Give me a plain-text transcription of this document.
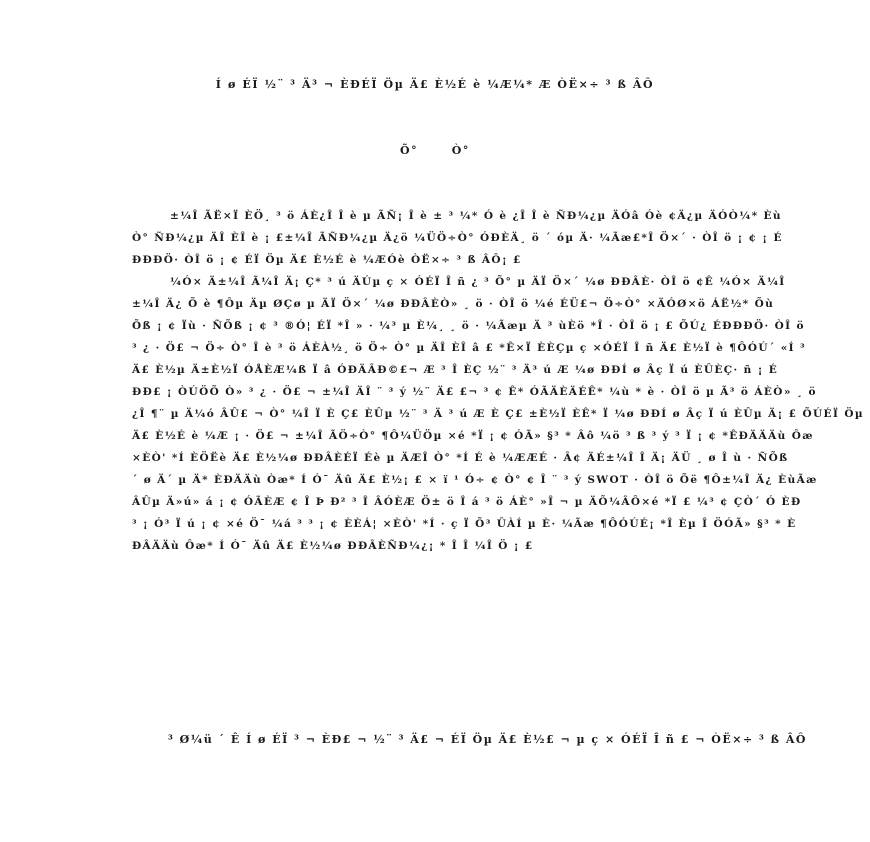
Í ø ÉÏ ½¨ ³ Ä³ ¬ ÈÐÉÏ Öµ Ä£ È½É è ¼Æ¼* Æ ÒË×÷ ³ ß ÂÔ
Õ°	Ò°
±¼Î ÃË×Ï ÈÖ¸ ³ ö ÁÈ¿Î Î è µ ÃÑ¡ Î è ± ³ ¼* Ó è ¿Î Î è ÑÐ¼¿µ ÄÓâ Óè ¢Ä¿µ ÄÓÒ¼* Èù
Ò° ÑÐ¼¿µ ÄÎ ÈÎ è ¡ £±¼Î ÃÑÐ¼¿µ Ä¿ö ¼ÜÖ÷Ò° ÓÐÈÄ¸ ö ´ óµ Ä· ¼Ãæ£*Î Ö×´ · ÒÎ ö ¡ ¢ ¡ É
ÐÐÐÖ· ÒÎ ö ¡ ¢ ÉÏ Öµ Ä£ È½É è ¼ÆÓè ÒË×÷ ³ ß ÂÔ¡ £
¼Ó× Ä±¼Î Ã¼Î Ä¡ Ç* ³ ú ÄÚµ ç × ÓÉÏ Î ñ ¿ ³ Õ° µ ÄÏ Ö×´ ¼ø ÐÐÂÈ· ÒÎ ö ¢Ê ¼Ó× Ä¼Î
±¼Î Ä¿ Õ è ¶Ôµ Äµ ØÇø µ ÄÏ Ö×´ ¼ø ÐÐÂÈÒ» ¸ ö · ÒÎ ö ¼é ÉÜ£¬ Ö÷Ò° ×ÄÓØ×ö ÁË½* Õù
Õß ¡ ¢ Ïù · ÑÕß ¡ ¢ ³ ®Ó¦ ÉÏ *Î » · ¼³ µ È¼¸ ¸ ö · ¼Ãæµ Ä ³ ùÈö *Î · ÒÎ ö ¡ £ ÕÚ¿ ÉÐÐÐÖ· ÒÎ ö
³ ¿ · Ö£ ¬ Ö÷ Ò° Î è ³ ö ÁÈÀ½¸ ö Ö÷ Ò° µ ÄÎ ÈÎ â £ *Ê×Ï ÈÈÇµ ç ×ÓÉÏ Î ñ Ä£ È½Ï è ¶ÔÓÚ´ «Í ³
Ä£ È½µ Ä±È½Ï ÓÅÈÆ¼ß Ï â ÓÐÄÂÐ©£¬ Æ ³ Î ÈÇ ½¨ ³ Ä³ ú Æ ¼ø ÐÐÍ ø Âç Ï ú ÈÛÈÇ· ñ ¡ É
ÐÐ£ ¡ ÒÚÖÕ Ò» ³ ¿ · Ö£ ¬ ±¼Î ÄÎ ¨ ³ ý ½¨ Ä£ £¬ ³ ¢ Ê* ÓÃÄÈÄÉÊ* ¼ù * è · ÒÎ ö µ Ã³ ö ÁÈÒ» ¸ ö
¿Î ¶¨ µ Ä¼ó ÂÛ£ ¬ Ò° ¼Î Ï È Ç£ ÈÛµ ½¨ ³ Ä ³ ú Æ È Ç£ ±È½Ï ÈÊ* Ï ¼ø ÐÐÍ ø Âç Ï ú ÈÛµ Ä¡ £ ÕÚÉÏ Öµ
Ä£ È½É è ¼Æ ¡ · Ö£ ¬ ±¼Î ÃÖ÷Ò° ¶Ô¼ÜÖµ ×é *Ï ¡ ¢ ÓÃ» §³ * Âô ¼ö ³ ß ³ ý ³ Ï ¡ ¢ *ÊÐÄÄÄù Ôæ
×ÈÒ' *Í ÈÖËè Ä£ È½¼ø ÐÐÂÈÉÏ Éè µ ÄÆÎ Ò° *Í É è ¼ÆÆÉ · Â¢ ÄÉ±¼Î Î Ä¡ ÄÜ ¸ ø Î ù · ÑÕß
´ ø Ä´ µ Ä* ÈÐÄÄù Òæ* Í Ó¯ Äû Ä£ È½¡ £ × ï ¹ Ó÷ ¢ Ò° ¢ Î ¨ ³ ý SWOT · ÒÎ ö Õë ¶Ô±¼Î Ä¿ ÈùÃæ
ÂÛµ Ä»ú» á ¡ ¢ ÓÃÈÆ ¢ Î Þ Ð² ³ Î ÂÓÈÆ Ö± ö Î á ³ ö ÁÈ° »Î ¬ µ ÄÕ¼ÂÔ×é *Ï £ ¼³ ¢ ÇÒ´ Ó ÈÐ
³ ¡ Ó³ Ï ú ¡ ¢ ×é Ö¯ ¼á ³ ³ ¡ ¢ ÈÈÁ¦ ×ÈÒ' *Í · ç Ï Õ³ ÛÀÍ µ È· ¼Ãæ ¶ÔÓÚÉ¡ *Î Èµ Î ÖÓÃ» §³ * È
ÐÂÄÄù Ôæ* Í Ó¯ Äû Ä£ È½¼ø ÐÐÂÈÑÐ¼¿¡ * Î Î ¼Î Ö ¡ £
³ Ø¼ü ´ Ê Í ø ÉÏ ³ ¬ ÈÐ£ ¬ ½¨ ³ Ä£ ¬ ÉÏ Öµ Ä£ È½£ ¬ µ ç × ÓÉÏ Î ñ £ ¬ ÒË×÷ ³ ß ÂÔ
